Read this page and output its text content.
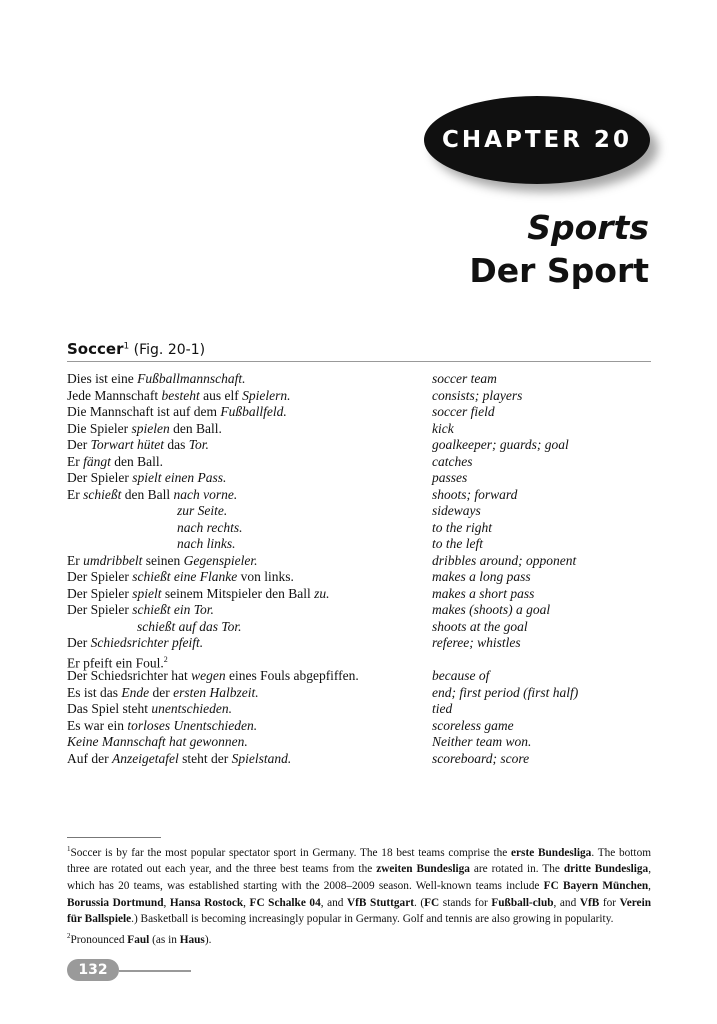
CHAPTER 20
Sports
Der Sport
Soccer$^1$ (Fig. 20-1)
Dies ist eine Fußballmannschaft.	soccer team
Jede Mannschaft besteht aus elf Spielern.	consists; players
Die Mannschaft ist auf dem Fußballfeld.	soccer field
Die Spieler spielen den Ball.	kick
Der Torwart hütet das Tor.	goalkeeper; guards; goal
Er fängt den Ball.	catches
Der Spieler spielt einen Pass.	passes
Er schießt den Ball nach vorne.	shoots; forward
zur Seite.	sideways
nach rechts.	to the right
nach links.	to the left
Er umdribbelt seinen Gegenspieler.	dribbles around; opponent
Der Spieler schießt eine Flanke von links.	makes a long pass
Der Spieler spielt seinem Mitspieler den Ball zu.	makes a short pass
Der Spieler schießt ein Tor.	makes (shoots) a goal
schießt auf das Tor.	shoots at the goal
Der Schiedsrichter pfeift.	referee; whistles
Er pfeift ein Foul.$^2$
Der Schiedsrichter hat wegen eines Fouls abgepfiffen.	because of
Es ist das Ende der ersten Halbzeit.	end; first period (first half)
Das Spiel steht unentschieden.	tied
Es war ein torloses Unentschieden.	scoreless game
Keine Mannschaft hat gewonnen.	Neither team won.
Auf der Anzeigetafel steht der Spielstand.	scoreboard; score

$^1$Soccer is by far the most popular spectator sport in Germany. The 18 best teams comprise the erste Bundesliga. The bottom three are rotated out each year, and the three best teams from the zweiten Bundesliga are rotated in. The dritte Bundesliga, which has 20 teams, was established starting with the 2008–2009 season. Well-known teams include FC Bayern München, Borussia Dortmund, Hansa Rostock, FC Schalke 04, and VfB Stuttgart. (FC stands for Fußball-club, and VfB for Verein für Ballspiele.) Basketball is becoming increasingly popular in Germany. Golf and tennis are also growing in popularity.

$^2$Pronounced Faul (as in Haus).

132
